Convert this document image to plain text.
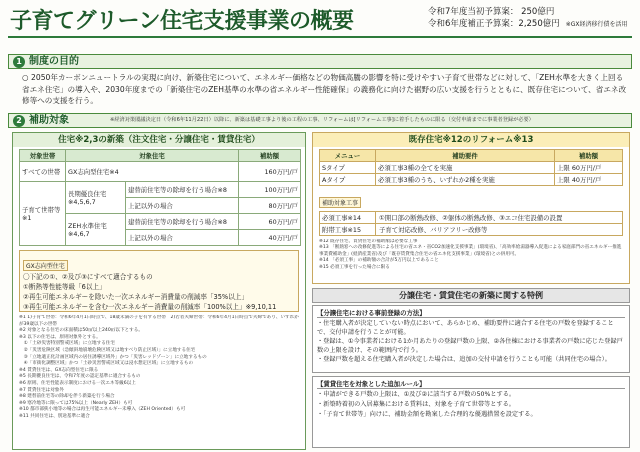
子育てグリーン住宅支援事業の概要	令和7年度当初予算案： 250億円
令和6年度補正予算案：2,250億円 ※GX経済移行債を活用
1 制度の目的
○ 2050年カーボンニュートラルの実現に向け、新築住宅について、エネルギー価格などの物価高騰の影響を特に受けやすい子育て世帯などに対して、「ZEH水準を大きく上回る省エネ住宅」の導入や、2030年度までの「新築住宅のZEH基準の水準の省エネルギー性能確保」の義務化に向けた裾野の広い支援を行うとともに、既存住宅について、省エネ改修等への支援を行う。
2 補助対象	※経済対策閣議決定日（令和6年11月22日）以降に、新築は基礎工事より後の工程の工事、リフォームは[リフォーム工事]に着手したものに限る（交付申請までに事業者登録が必要）
住宅※2,3の新築（注文住宅・分譲住宅・賃貸住宅）
対象世帯	対象住宅		補助額
すべての世帯	GX志向型住宅※4		160万円/戸
子育て世帯等※1	長期優良住宅※4,5,6,7	建替前住宅等の除却を行う場合※8	100万円/戸
		上記以外の場合	80万円/戸
	ZEH水準住宅※4,6,7	建替前住宅等の除却を行う場合※8	60万円/戸
		上記以外の場合	40万円/戸
GX志向型住宅
〇下記の①、②及び③にすべて適合するもの
①断熱等性能等級「6以上」
②再生可能エネルギーを除いた一次エネルギー消費量の削減率「35%以上」
③再生可能エネルギーを含む一次エネルギー消費量の削減率「100%以上」※9,10,11
※1 1)子育て世帯：令和6年4月1日時点で、18歳未満の子を有する世帯　2)若者夫婦世帯：令和6年4月1日時点で夫婦であり、いずれかが39歳以下の世帯
※2 対象となる住宅の床面積は50㎡以上240㎡以下とする。
※3 以下の住宅は、原則対象外とする。
　①「土砂災害特別警戒区域」に立地する住宅
　②「災害危険区域（急傾斜地崩壊危険区域又は地すべり防止区域）」に立地する住宅
　③「立地適正化計画区域内の居住誘導区域外」かつ「災害レッドゾーン」に立地するもの
　④「市街化調整区域」かつ「土砂災害警戒区域又は浸水想定区域」に立地するもの
※4 賃貸住宅は、GX志向型住宅に限る
※5 長期優良住宅は、令和7年度の認定基準に適合するもの
※6 原則、住宅性能表示制度における一次エネ等級6以上
※7 賃貸住宅は対象外
※8 建替前住宅等の除却を伴う新築を行う場合
※9 寒冷地等に限っては75%以上（Nearly ZEH）も可
※10 都市部狭小地等の場合は再生可能エネルギー未導入（ZEH Oriented）も可
※11 共同住宅は、別途基準に適合
既存住宅※12のリフォーム※13
メニュー	補助要件	補助額
Sタイプ	必須工事3種の全てを実施	上限 60万円/戸
Aタイプ	必須工事3種のうち、いずれか2種を実施	上限 40万円/戸
補助対象工事
必須工事※14	①開口部の断熱改修、②躯体の断熱改修、③エコ住宅設備の設置
附帯工事※15	子育て対応改修、バリアフリー改修等
※12 既存住宅、賃貸住宅の補助額は必要な工事
※13 「断熱窓への改修促進等による住宅の省エネ・省CO2加速化支援事業」(環境省)、「高効率給湯器導入促進による家庭部門の省エネルギー推進事業費補助金」(経済産業省)及び「既存賃貸集合住宅の省エネ化支援事業」(環境省)との併用可。
※14 「必須工事」の補助額の合計が5万円以上であること
※15 必須工事を行った場合に限る
分譲住宅・賃貸住宅の新築に関する特例
【分譲住宅における事前登録の方法】
・住宅購入者が決定していない時点において、あらかじめ、補助要件に適合する住宅の戸数を登録することで、交付申請を行うことが可能。
・登録は、①今事業者における1か月あたりの登録戸数の上限、②各住棟における事業者の戸数に応じた登録戸数の上限を設け、その範囲内で行う。
・登録戸数を超える住宅購入者が決定した場合は、追加の交付申請を行うことも可能（共同住宅の場合）。
【賃貸住宅を対象とした追加ルール】
・申請ができる戸数の上限は、①及び②に該当する戸数の50%とする。
・新築時着初の入居募集における賃料は、対象を子育て世帯等とする。
・「子育て世帯等」向けに、補助金額を勘案した合理的な優遇措置を設定する。
